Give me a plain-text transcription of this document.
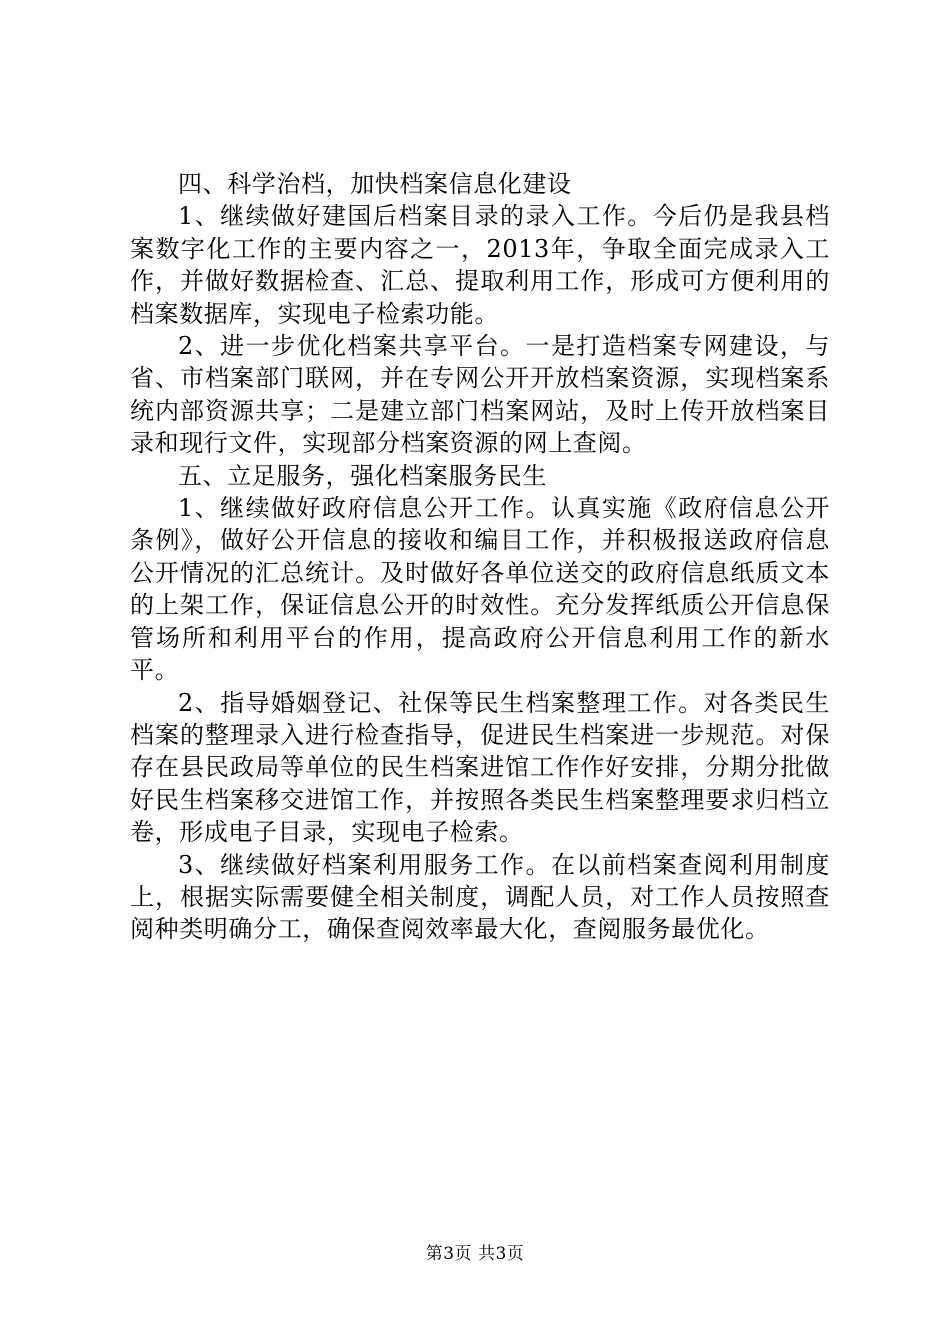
四、科学治档，加快档案信息化建设

1、继续做好建国后档案目录的录入工作。今后仍是我县档案数字化工作的主要内容之一，2013年，争取全面完成录入工作，并做好数据检查、汇总、提取利用工作，形成可方便利用的档案数据库，实现电子检索功能。

2、进一步优化档案共享平台。一是打造档案专网建设，与省、市档案部门联网，并在专网公开开放档案资源，实现档案系统内部资源共享；二是建立部门档案网站，及时上传开放档案目录和现行文件，实现部分档案资源的网上查阅。

五、立足服务，强化档案服务民生

1、继续做好政府信息公开工作。认真实施《政府信息公开条例》，做好公开信息的接收和编目工作，并积极报送政府信息公开情况的汇总统计。及时做好各单位送交的政府信息纸质文本的上架工作，保证信息公开的时效性。充分发挥纸质公开信息保管场所和利用平台的作用，提高政府公开信息利用工作的新水平。

2、指导婚姻登记、社保等民生档案整理工作。对各类民生档案的整理录入进行检查指导，促进民生档案进一步规范。对保存在县民政局等单位的民生档案进馆工作作好安排，分期分批做好民生档案移交进馆工作，并按照各类民生档案整理要求归档立卷，形成电子目录，实现电子检索。

3、继续做好档案利用服务工作。在以前档案查阅利用制度上，根据实际需要健全相关制度，调配人员，对工作人员按照查阅种类明确分工，确保查阅效率最大化，查阅服务最优化。

第3页 共3页
